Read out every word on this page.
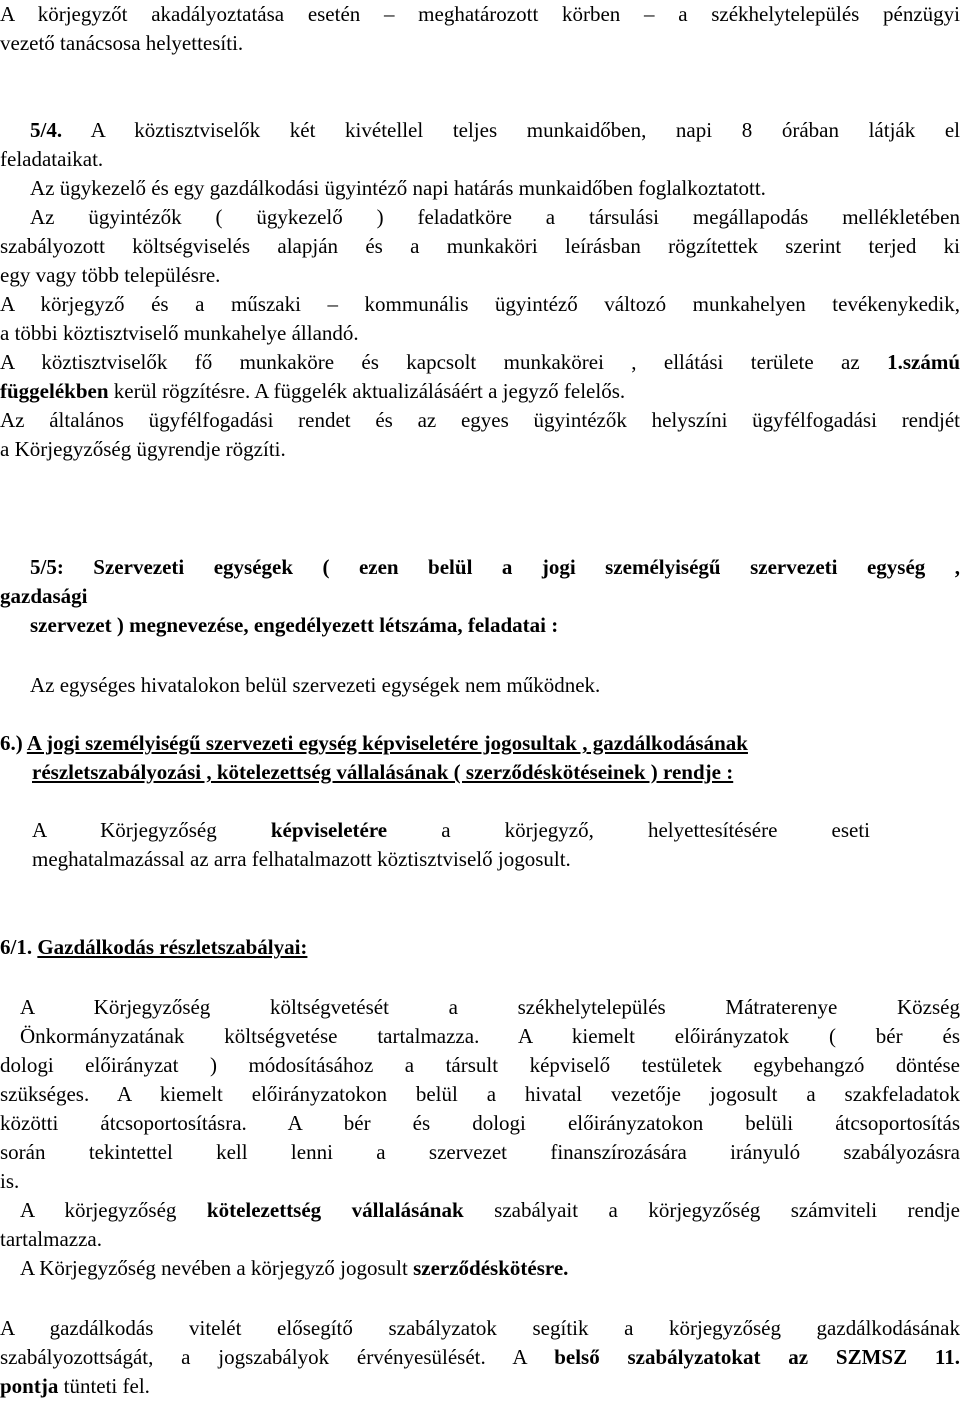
A körjegyzőt akadályoztatása esetén – meghatározott körben – a székhelytelepülés pénzügyi
vezető tanácsosa helyettesíti.
5/4. A köztisztviselők két kivétellel teljes munkaidőben, napi 8 órában látják el
feladataikat.
Az ügykezelő és egy gazdálkodási ügyintéző napi határás munkaidőben foglalkoztatott.
Az ügyintézők ( ügykezelő ) feladatköre a társulási megállapodás mellékletében
szabályozott költségviselés alapján és a munkaköri leírásban rögzítettek szerint terjed ki
egy vagy több településre.
A körjegyző és a műszaki – kommunális ügyintéző változó munkahelyen tevékenykedik,
a többi köztisztviselő munkahelye állandó.
A köztisztviselők fő munkaköre és kapcsolt munkakörei , ellátási területe az 1.számú
függelékben kerül rögzítésre. A függelék aktualizálásáért a jegyző felelős.
Az általános ügyfélfogadási rendet és az egyes ügyintézők helyszíni ügyfélfogadási rendjét
a Körjegyzőség ügyrendje rögzíti.
5/5: Szervezeti egységek ( ezen belül a jogi személyiségű szervezeti egység ,
gazdasági
szervezet ) megnevezése, engedélyezett létszáma, feladatai :
Az egységes hivatalokon belül szervezeti egységek nem működnek.
6.) A jogi személyiségű szervezeti egység képviseletére jogosultak , gazdálkodásának
részletszabályozási , kötelezettség vállalásának ( szerződéskötéseinek ) rendje :
A Körjegyzőség	képviseletére	a körjegyző, helyettesítésére eseti
meghatalmazással az arra felhatalmazott köztisztviselő jogosult.
6/1. Gazdálkodás részletszabályai:
A Körjegyzőség költségvetését a székhelytelepülés Mátraterenye Község
Önkormányzatának költségvetése tartalmazza. A kiemelt előirányzatok ( bér és
dologi előirányzat ) módosításához a társult képviselő testületek egybehangzó döntése
szükséges. A kiemelt előirányzatokon belül a hivatal vezetője jogosult a szakfeladatok
közötti átcsoportosításra. A bér és dologi előirányzatokon belüli átcsoportosítás
során tekintettel kell lenni a szervezet finanszírozására irányuló szabályozásra
is.
A körjegyzőség kötelezettség vállalásának szabályait a körjegyzőség számviteli rendje
tartalmazza.
A Körjegyzőség nevében a körjegyző jogosult szerződéskötésre.
A gazdálkodás vitelét elősegítő szabályzatok segítik a körjegyzőség gazdálkodásának
szabályozottságát, a jogszabályok érvényesülését. A belső szabályzatokat az SZMSZ 11.
pontja tünteti fel.
